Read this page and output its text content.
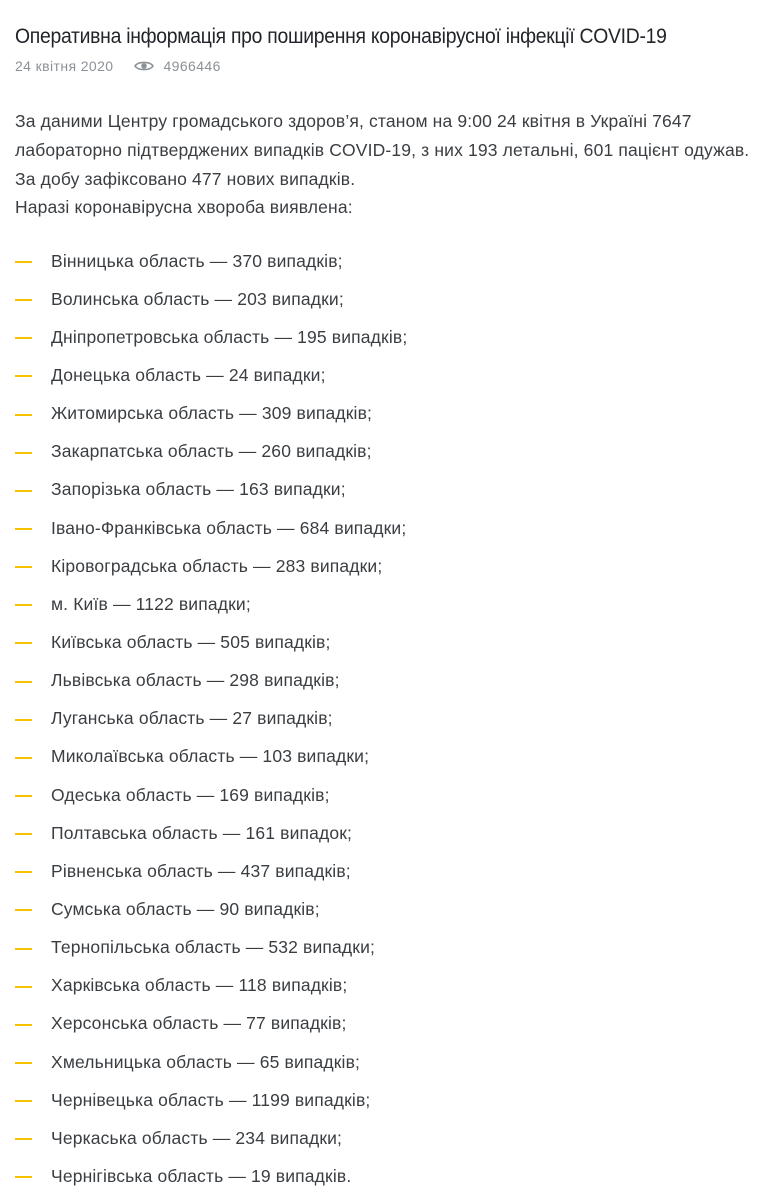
Оперативна інформація про поширення коронавірусної інфекції COVID-19
24 квітня 2020	4966446

За даними Центру громадського здоров’я, станом на 9:00 24 квітня в Україні 7647 лабораторно підтверджених випадків COVID-19, з них 193 летальні, 601 пацієнт одужав. За добу зафіксовано 477 нових випадків.

Наразі коронавірусна хвороба виявлена:

Вінницька область — 370 випадків;
Волинська область — 203 випадки;
Дніпропетровська область — 195 випадків;
Донецька область — 24 випадки;
Житомирська область — 309 випадків;
Закарпатська область — 260 випадків;
Запорізька область — 163 випадки;
Івано-Франківська область — 684 випадки;
Кіровоградська область — 283 випадки;
м. Київ — 1122 випадки;
Київська область — 505 випадків;
Львівська область — 298 випадків;
Луганська область — 27 випадків;
Миколаївська область — 103 випадки;
Одеська область — 169 випадків;
Полтавська область — 161 випадок;
Рівненська область — 437 випадків;
Сумська область — 90 випадків;
Тернопільська область — 532 випадки;
Харківська область — 118 випадків;
Херсонська область — 77 випадків;
Хмельницька область — 65 випадків;
Чернівецька область — 1199 випадків;
Черкаська область — 234 випадки;
Чернігівська область — 19 випадків.
